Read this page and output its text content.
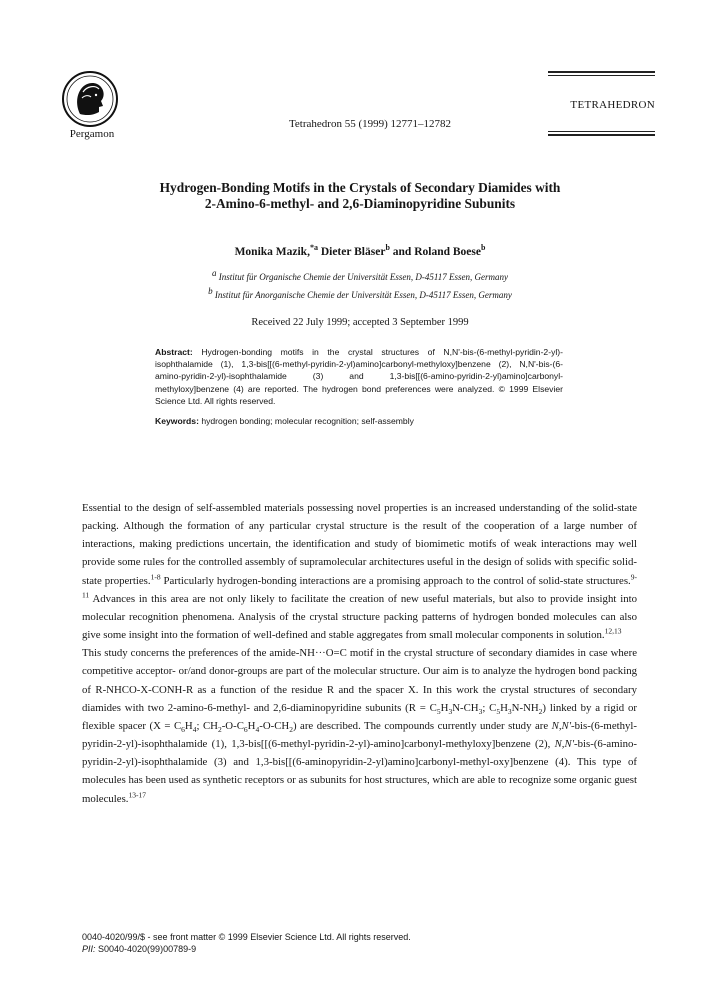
Pergamon
Tetrahedron 55 (1999) 12771–12782
TETRAHEDRON
Hydrogen-Bonding Motifs in the Crystals of Secondary Diamides with
2-Amino-6-methyl- and 2,6-Diaminopyridine Subunits
Monika Mazik,$^{*a}$ Dieter Bläser$^b$ and Roland Boese$^b$
$^a$ Institut für Organische Chemie der Universität Essen, D-45117 Essen, Germany
$^b$ Institut für Anorganische Chemie der Universität Essen, D-45117 Essen, Germany
Received 22 July 1999; accepted 3 September 1999
Abstract: Hydrogen-bonding motifs in the crystal structures of N,N'-bis-(6-methyl-pyridin-2-yl)-isophthalamide (1), 1,3-bis[[(6-methyl-pyridin-2-yl)amino]carbonyl-methyloxy]benzene (2), N,N'-bis-(6-amino-pyridin-2-yl)-isophthalamide (3) and 1,3-bis[[(6-amino-pyridin-2-yl)amino]carbonyl-methyloxy]benzene (4) are reported. The hydrogen bond preferences were analyzed. © 1999 Elsevier Science Ltd. All rights reserved.
Keywords: hydrogen bonding; molecular recognition; self-assembly

Essential to the design of self-assembled materials possessing novel properties is an increased understanding of the solid-state packing. Although the formation of any particular crystal structure is the result of the cooperation of a large number of interactions, making predictions uncertain, the identification and study of biomimetic motifs of weak interactions may well provide some rules for the controlled assembly of supramolecular architectures useful in the design of solids with specific solid-state properties.$^{1-8}$ Particularly hydrogen-bonding interactions are a promising approach to the control of solid-state structures.$^{9-11}$ Advances in this area are not only likely to facilitate the creation of new useful materials, but also to provide insight into molecular recognition phenomena. Analysis of the crystal structure packing patterns of hydrogen bonded molecules can also give some insight into the formation of well-defined and stable aggregates from small molecular components in solution.$^{12,13}$

This study concerns the preferences of the amide-NH···O=C motif in the crystal structure of secondary diamides in case where competitive acceptor- or/and donor-groups are part of the molecular structure. Our aim is to analyze the hydrogen bond packing of R-NHCO-X-CONH-R as a function of the residue R and the spacer X. In this work the crystal structures of secondary diamides with two 2-amino-6-methyl- and 2,6-diaminopyridine subunits ($R = C_5H_3N-CH_3$; $C_5H_3N-NH_2$) linked by a rigid or flexible spacer ($X = C_6H_4$; $CH_2-O-C_6H_4-O-CH_2$) are described. The compounds currently under study are N,N'-bis-(6-methyl-pyridin-2-yl)-isophthalamide (1), 1,3-bis[[(6-methyl-pyridin-2-yl)-amino]carbonyl-methyloxy]benzene (2), N,N'-bis-(6-amino-pyridin-2-yl)-isophthalamide (3) and 1,3-bis[[(6-aminopyridin-2-yl)amino]carbonyl-methyl-oxy]benzene (4). This type of molecules has been used as synthetic receptors or as subunits for host structures, which are able to recognize some organic guest molecules.$^{13-17}$

0040-4020/99/$ - see front matter © 1999 Elsevier Science Ltd. All rights reserved.
PII: S0040-4020(99)00789-9
